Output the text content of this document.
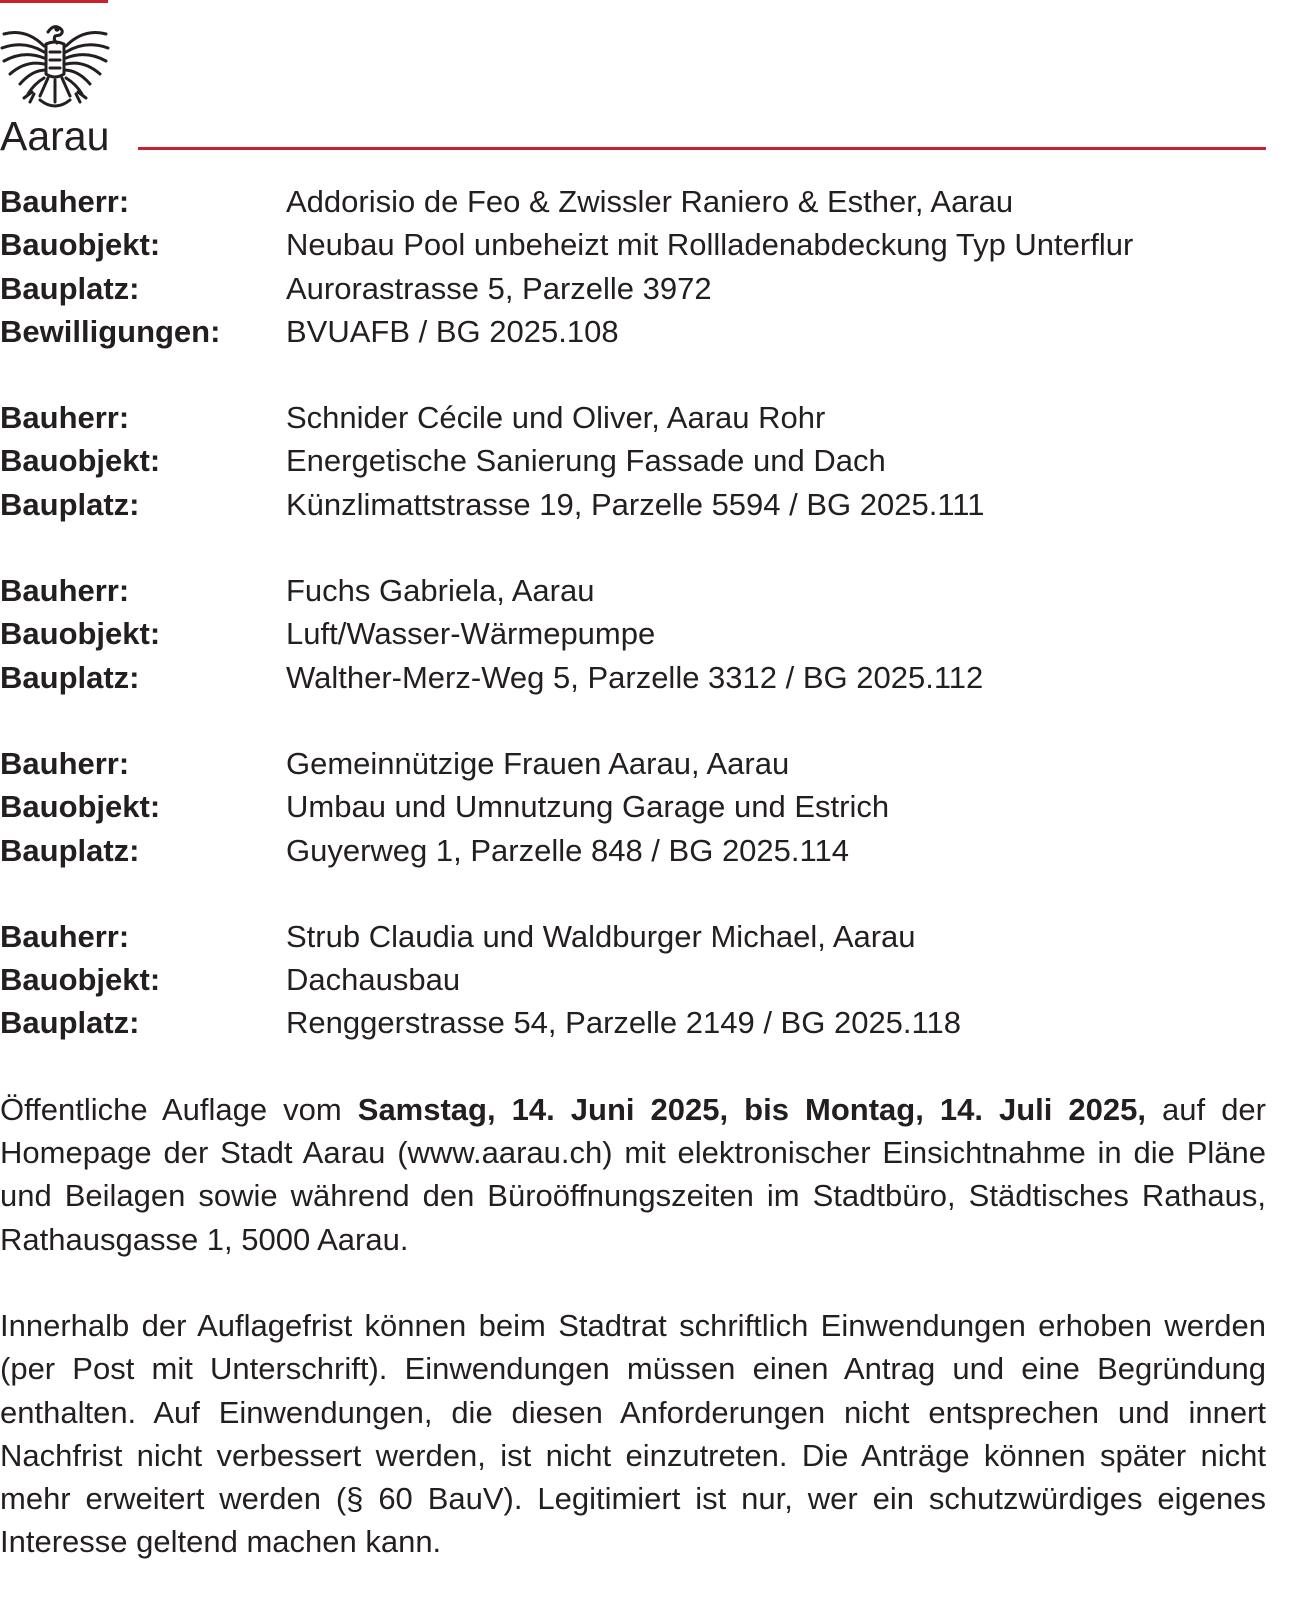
Aarau
Bauherr:	Addorisio de Feo & Zwissler Raniero & Esther, Aarau
Bauobjekt:	Neubau Pool unbeheizt mit Rollladenabdeckung Typ Unterflur
Bauplatz:	Aurorastrasse 5, Parzelle 3972
Bewilligungen:	BVUAFB / BG 2025.108
Bauherr:	Schnider Cécile und Oliver, Aarau Rohr
Bauobjekt:	Energetische Sanierung Fassade und Dach
Bauplatz:	Künzlimattstrasse 19, Parzelle 5594 / BG 2025.111
Bauherr:	Fuchs Gabriela, Aarau
Bauobjekt:	Luft/Wasser-Wärmepumpe
Bauplatz:	Walther-Merz-Weg 5, Parzelle 3312 / BG 2025.112
Bauherr:	Gemeinnützige Frauen Aarau, Aarau
Bauobjekt:	Umbau und Umnutzung Garage und Estrich
Bauplatz:	Guyerweg 1, Parzelle 848 / BG 2025.114
Bauherr:	Strub Claudia und Waldburger Michael, Aarau
Bauobjekt:	Dachausbau
Bauplatz:	Renggerstrasse 54, Parzelle 2149 / BG 2025.118

Öffentliche Auflage vom Samstag, 14. Juni 2025, bis Montag, 14. Juli 2025, auf der Homepage der Stadt Aarau (www.aarau.ch) mit elektronischer Einsichtnahme in die Pläne und Beilagen sowie während den Büroöffnungszeiten im Stadtbüro, Städtisches Rathaus, Rathausgasse 1, 5000 Aarau.

Innerhalb der Auflagefrist können beim Stadtrat schriftlich Einwendungen erhoben werden (per Post mit Unterschrift). Einwendungen müssen einen Antrag und eine Begründung enthalten. Auf Einwendungen, die diesen Anforderungen nicht entsprechen und innert Nachfrist nicht verbessert werden, ist nicht einzutreten. Die Anträge können später nicht mehr erweitert werden (§ 60 BauV). Legitimiert ist nur, wer ein schutzwürdiges eigenes Interesse geltend machen kann.
